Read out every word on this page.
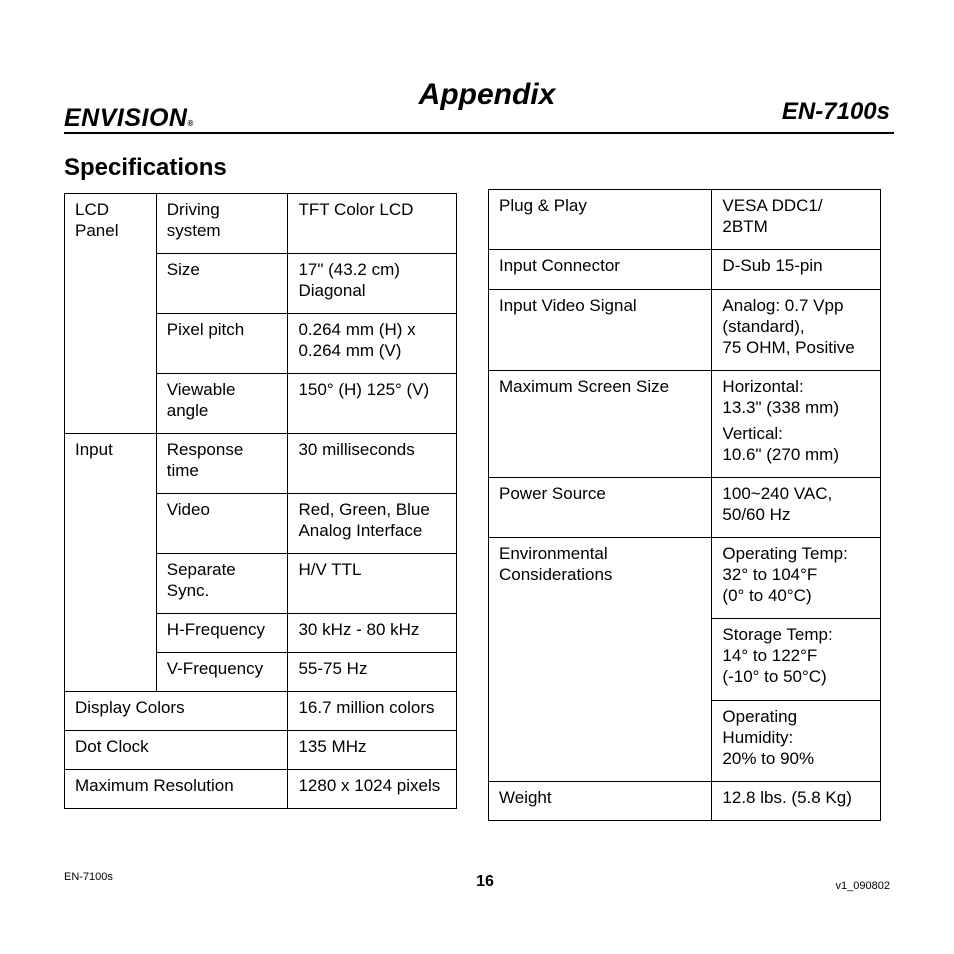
ENVISION®
Appendix
EN-7100s
Specifications
LCD Panel	Driving system	TFT Color LCD
	Size	17" (43.2 cm) Diagonal
	Pixel pitch	0.264 mm (H) x 0.264 mm (V)
	Viewable angle	150° (H) 125° (V)
Input	Response time	30 milliseconds
	Video	Red, Green, Blue Analog Interface
	Separate Sync.	H/V TTL
	H-Frequency	30 kHz - 80 kHz
	V-Frequency	55-75 Hz
Display Colors		16.7 million colors
Dot Clock		135 MHz
Maximum Resolution		1280 x 1024 pixels
Plug & Play	VESA DDC1/
2BTM

Input Connector	D-Sub 15-pin
Input Video Signal	Analog: 0.7 Vpp
(standard),
75 OHM, Positive

Maximum Screen Size	Horizontal:
13.3" (338 mm)
Vertical:
10.6" (270 mm)

Power Source	100~240 VAC,
50/60 Hz

Environmental
Considerations	Operating Temp:
32° to 104°F
(0° to 40°C)

	Storage Temp:
14° to 122°F
(-10° to 50°C)

	Operating
Humidity:
20% to 90%

Weight	12.8 lbs. (5.8 Kg)
EN-7100s	16	v1_090802
